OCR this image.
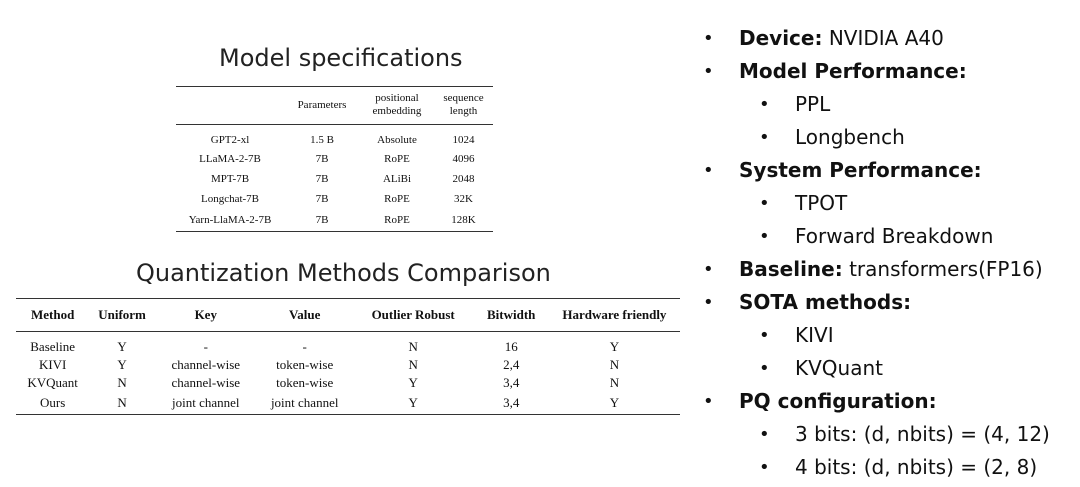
Model specifications
	Parameters	positional embedding	sequence length
GPT2-xl	1.5 B	Absolute	1024
LLaMA-2-7B	7B	RoPE	4096
MPT-7B	7B	ALiBi	2048
Longchat-7B	7B	RoPE	32K
Yarn-LlaMA-2-7B	7B	RoPE	128K
Quantization Methods Comparison
Method	Uniform	Key	Value	Outlier Robust	Bitwidth	Hardware friendly
Baseline	Y	-	-	N	16	Y
KIVI	Y	channel-wise	token-wise	N	2,4	N
KVQuant	N	channel-wise	token-wise	Y	3,4	N
Ours	N	joint channel	joint channel	Y	3,4	Y
• Device: NVIDIA A40
• Model Performance:
• PPL
• Longbench
• System Performance:
• TPOT
• Forward Breakdown
• Baseline: transformers(FP16)
• SOTA methods:
• KIVI
• KVQuant
• PQ configuration:
• 3 bits: (d, nbits) = (4, 12)
• 4 bits: (d, nbits) = (2, 8)
